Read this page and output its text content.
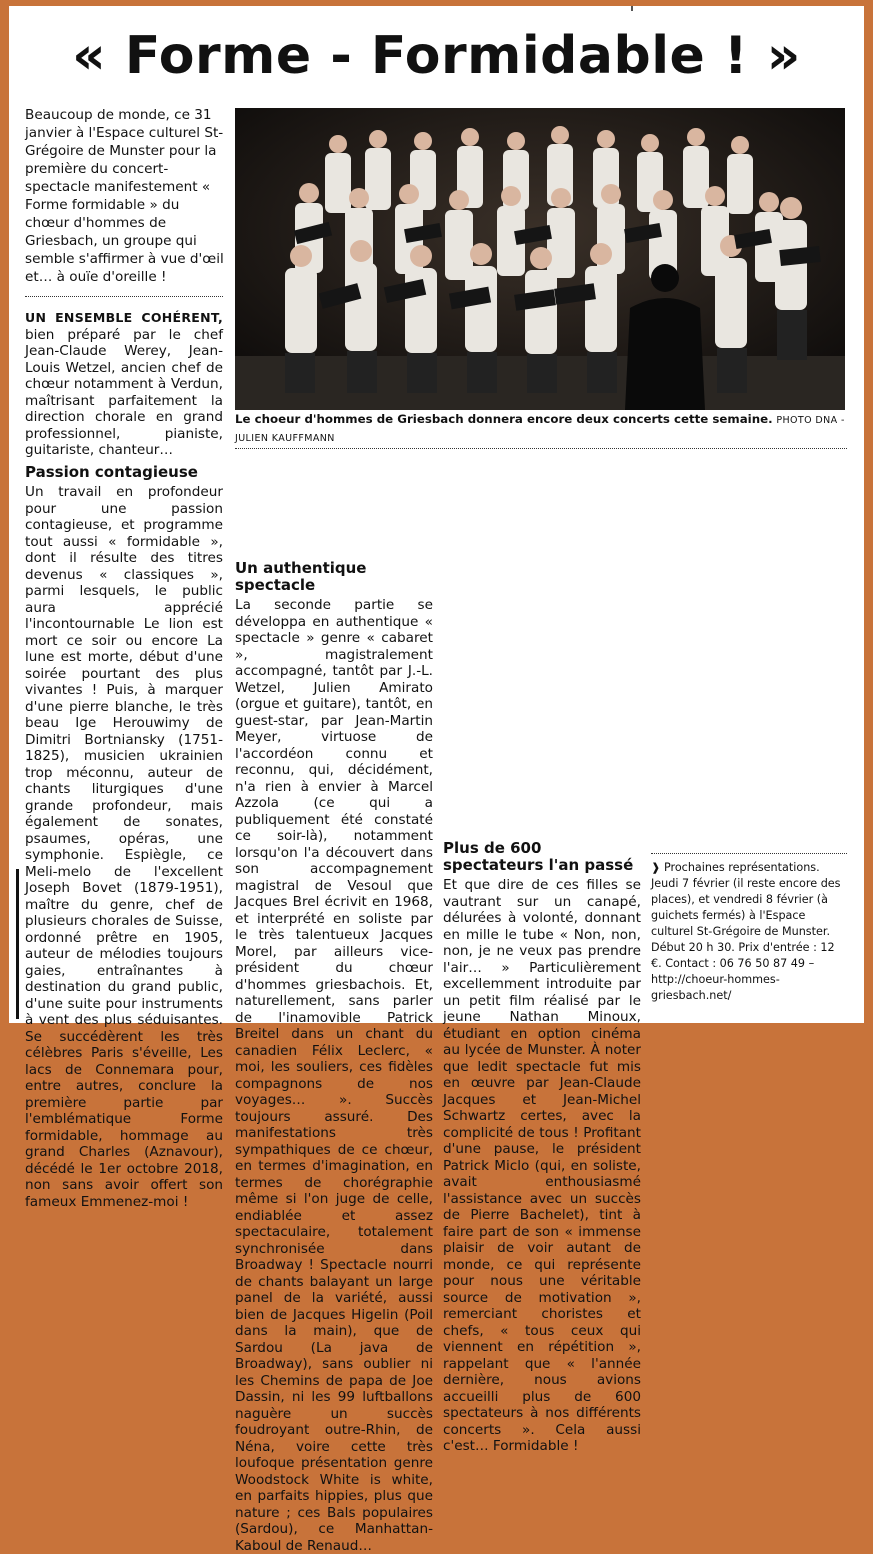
« Forme - Formidable ! »
Beaucoup de monde, ce 31 janvier à l'Espace culturel St-Grégoire de Munster pour la première du concert-spectacle manifestement « Forme formidable » du chœur d'hommes de Griesbach, un groupe qui semble s'affirmer à vue d'œil et… à ouïe d'oreille !
Le choeur d'hommes de Griesbach donnera encore deux concerts cette semaine. PHOTO DNA - JULIEN KAUFFMANN

UN ENSEMBLE COHÉRENT, bien préparé par le chef Jean-Claude Werey, Jean-Louis Wetzel, ancien chef de chœur notamment à Verdun, maîtrisant parfaitement la direction chorale en grand professionnel, pianiste, guitariste, chanteur…

Passion contagieuse

Un travail en profondeur pour une passion contagieuse, et programme tout aussi « formidable », dont il résulte des titres devenus « classiques », parmi lesquels, le public aura apprécié l'incontournable Le lion est mort ce soir ou encore La lune est morte, début d'une soirée pourtant des plus vivantes ! Puis, à marquer d'une pierre blanche, le très beau Ige Herouwimy de Dimitri Bortniansky (1751-1825), musicien ukrainien trop méconnu, auteur de chants liturgiques d'une grande profondeur, mais également de sonates, psaumes, opéras, une symphonie. Espiègle, ce Meli-melo de l'excellent Joseph Bovet (1879-1951), maître du genre, chef de plusieurs chorales de Suisse, ordonné prêtre en 1905, auteur de mélodies toujours gaies, entraînantes à destination du grand public, d'une suite pour instruments à vent des plus séduisantes. Se succédèrent les très célèbres Paris s'éveille, Les lacs de Connemara pour, entre autres, conclure la première partie par l'emblématique Forme formidable, hommage au grand Charles (Aznavour), décédé le 1er octobre 2018, non sans avoir offert son fameux Emmenez-moi !

Un authentique spectacle

La seconde partie se développa en authentique « spectacle » genre « cabaret », magistralement accompagné, tantôt par J.-L. Wetzel, Julien Amirato (orgue et guitare), tantôt, en guest-star, par Jean-Martin Meyer, virtuose de l'accordéon connu et reconnu, qui, décidément, n'a rien à envier à Marcel Azzola (ce qui a publiquement été constaté ce soir-là), notamment lorsqu'on l'a découvert dans son accompagnement magistral de Vesoul que Jacques Brel écrivit en 1968, et interprété en soliste par le très talentueux Jacques Morel, par ailleurs vice-président du chœur d'hommes griesbachois. Et, naturellement, sans parler de l'inamovible Patrick Breitel dans un chant du canadien Félix Leclerc, « moi, les souliers, ces fidèles compagnons de nos voyages… ». Succès toujours assuré. Des manifestations très sympathiques de ce chœur, en termes d'imagination, en termes de chorégraphie même si l'on juge de celle, endiablée et assez spectaculaire, totalement synchronisée dans Broadway ! Spectacle nourri de chants balayant un large panel de la variété, aussi bien de Jacques Higelin (Poil dans la main), que de Sardou (La java de Broadway), sans oublier ni les Chemins de papa de Joe Dassin, ni les 99 luftballons naguère un succès foudroyant outre-Rhin, de Néna, voire cette très loufoque présentation genre Woodstock White is white, en parfaits hippies, plus que nature ; ces Bals populaires (Sardou), ce Manhattan-Kaboul de Renaud…

Plus de 600 spectateurs l'an passé

Et que dire de ces filles se vautrant sur un canapé, délurées à volonté, donnant en mille le tube « Non, non, non, je ne veux pas prendre l'air… » Particulièrement excellemment introduite par un petit film réalisé par le jeune Nathan Minoux, étudiant en option cinéma au lycée de Munster. À noter que ledit spectacle fut mis en œuvre par Jean-Claude Jacques et Jean-Michel Schwartz certes, avec la complicité de tous ! Profitant d'une pause, le président Patrick Miclo (qui, en soliste, avait enthousiasmé l'assistance avec un succès de Pierre Bachelet), tint à faire part de son « immense plaisir de voir autant de monde, ce qui représente pour nous une véritable source de motivation », remerciant choristes et chefs, « tous ceux qui viennent en répétition », rappelant que « l'année dernière, nous avions accueilli plus de 600 spectateurs à nos différents concerts ». Cela aussi c'est… Formidable !

❱ Prochaines représentations. Jeudi 7 février (il reste encore des places), et vendredi 8 février (à guichets fermés) à l'Espace culturel St-Grégoire de Munster. Début 20 h 30. Prix d'entrée : 12 €. Contact : 06 76 50 87 49 – http://choeur-hommes-griesbach.net/
